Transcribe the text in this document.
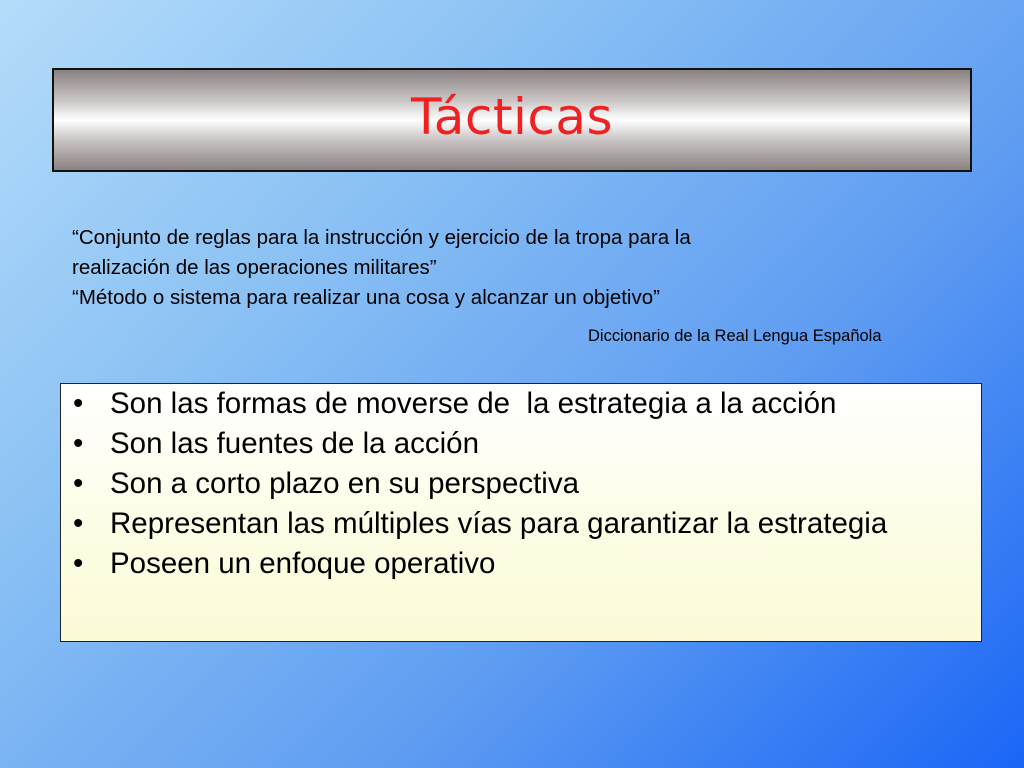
Tácticas
“Conjunto de reglas para la instrucción y ejercicio de la tropa para la
realización de las operaciones militares”
“Método o sistema para realizar una cosa y alcanzar un objetivo”
Diccionario de la Real Lengua Española
• Son las formas de moverse de  la estrategia a la acción
• Son las fuentes de la acción
• Son a corto plazo en su perspectiva
• Representan las múltiples vías para garantizar la estrategia
• Poseen un enfoque operativo
